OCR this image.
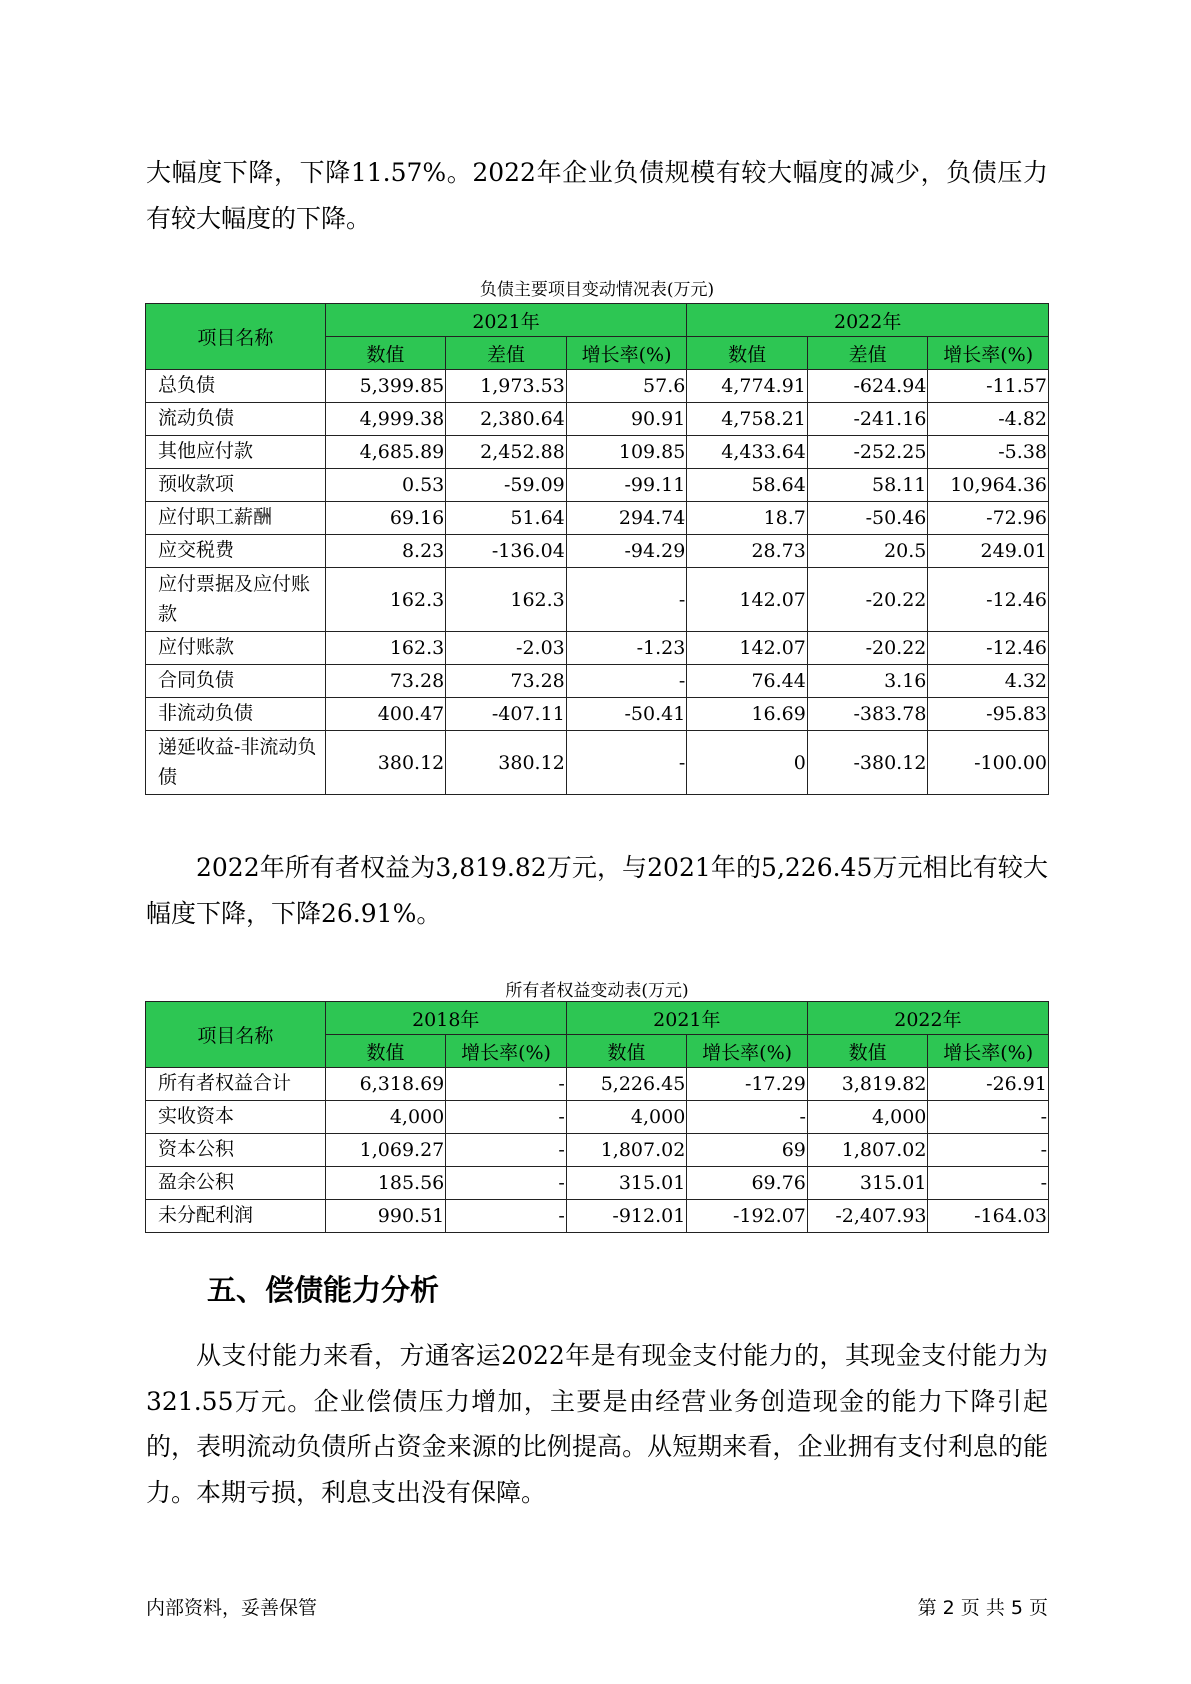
大幅度下降，下降11.57%。2022年企业负债规模有较大幅度的减少，负债压力有较大幅度的下降。

负债主要项目变动情况表(万元)

项目名称	2021年			2022年		
	数值	差值	增长率(%)	数值	差值	增长率(%)
总负债	5,399.85	1,973.53	57.6	4,774.91	-624.94	-11.57
流动负债	4,999.38	2,380.64	90.91	4,758.21	-241.16	-4.82
其他应付款	4,685.89	2,452.88	109.85	4,433.64	-252.25	-5.38
预收款项	0.53	-59.09	-99.11	58.64	58.11	10,964.36
应付职工薪酬	69.16	51.64	294.74	18.7	-50.46	-72.96
应交税费	8.23	-136.04	-94.29	28.73	20.5	249.01
应付票据及应付账款	162.3	162.3	-	142.07	-20.22	-12.46
应付账款	162.3	-2.03	-1.23	142.07	-20.22	-12.46
合同负债	73.28	73.28	-	76.44	3.16	4.32
非流动负债	400.47	-407.11	-50.41	16.69	-383.78	-95.83
递延收益-非流动负债	380.12	380.12	-	0	-380.12	-100.00

2022年所有者权益为3,819.82万元，与2021年的5,226.45万元相比有较大幅度下降，下降26.91%。

所有者权益变动表(万元)

项目名称	2018年		2021年		2022年	
	数值	增长率(%)	数值	增长率(%)	数值	增长率(%)
所有者权益合计	6,318.69	-	5,226.45	-17.29	3,819.82	-26.91
实收资本	4,000	-	4,000	-	4,000	-
资本公积	1,069.27	-	1,807.02	69	1,807.02	-
盈余公积	185.56	-	315.01	69.76	315.01	-
未分配利润	990.51	-	-912.01	-192.07	-2,407.93	-164.03
五、偿债能力分析

从支付能力来看，方通客运2022年是有现金支付能力的，其现金支付能力为321.55万元。企业偿债压力增加，主要是由经营业务创造现金的能力下降引起的，表明流动负债所占资金来源的比例提高。从短期来看，企业拥有支付利息的能力。本期亏损，利息支出没有保障。

内部资料，妥善保管	第 2 页 共 5 页
